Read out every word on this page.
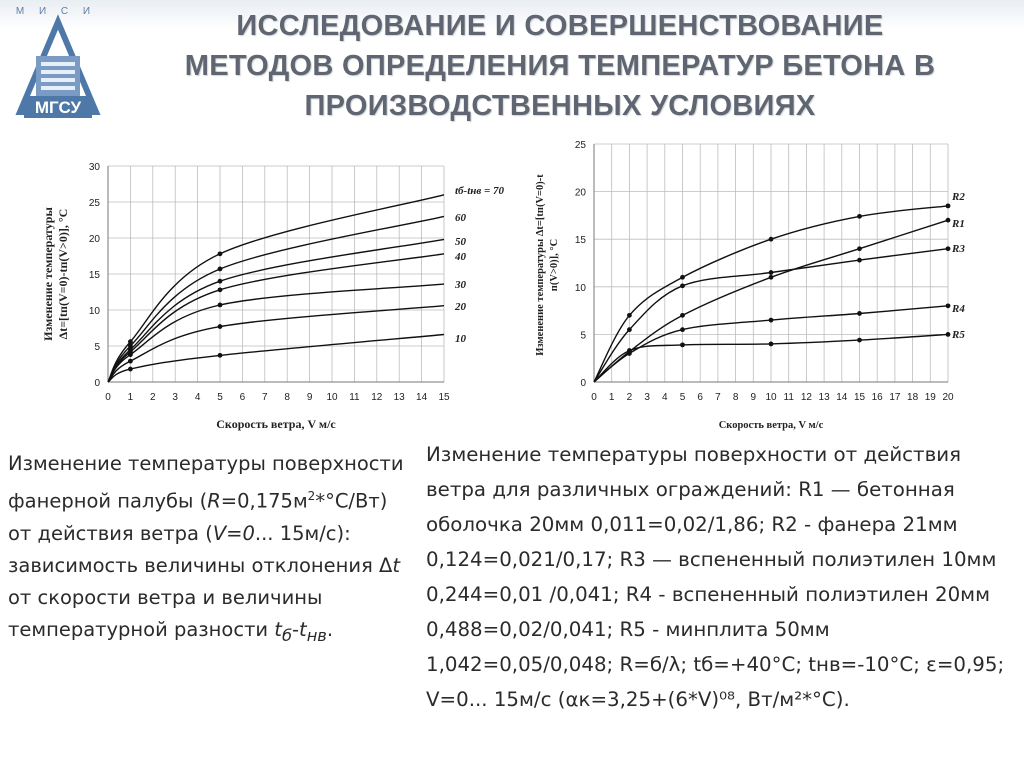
М И С И
МГСУ
ИССЛЕДОВАНИЕ И СОВЕРШЕНСТВОВАНИЕ
МЕТОДОВ ОПРЕДЕЛЕНИЯ ТЕМПЕРАТУР БЕТОНА В
ПРОИЗВОДСТВЕННЫХ УСЛОВИЯХ
0 1 2 3 4 5 6 7 8 9 10 11 12 13 14 15
0
5
10
15
20
25
30
Скорость ветра, V м/с
tб-tнв = 70
60
50
40
30
20
10
Изменение температурыΔt=[tп(V=0)-tп(V>0)], °C
0 1 2 3 4 5 6 7 8 9 10 11 12 13 14 15 16 17 18 19 20
0
5
10
15
20
25
Скорость ветра, V м/с
R2
R1
R3
R4
R5
Изменение температуры Δt=[tп(V=0)-t п(V>0)], °C
Изменение температуры поверхности фанерной палубы $(R=0,175м^2*^\circ С/Вт)$ от действия ветра (V=0... 15м/с): зависимость величины отклонения Δt от скорости ветра и величины температурной разности $t_б-t_{нв}$.
Изменение температуры поверхности от действия ветра для различных ограждений: R1 — бетонная оболочка 20мм 0,011=0,02/1,86; R2 - фанера 21мм 0,124=0,021/0,17; R3 — вспененный полиэтилен 10мм 0,244=0,01 /0,041; R4 - вспененный полиэтилен 20мм 0,488=0,02/0,041; R5 - минплита 50мм 1,042=0,05/0,048; R=б/λ; tб=+40°С; tнв=-10°С; ε=0,95; V=0... 15м/с (αк=3,25+(6*V)⁰⁸, Вт/м²*°С).
